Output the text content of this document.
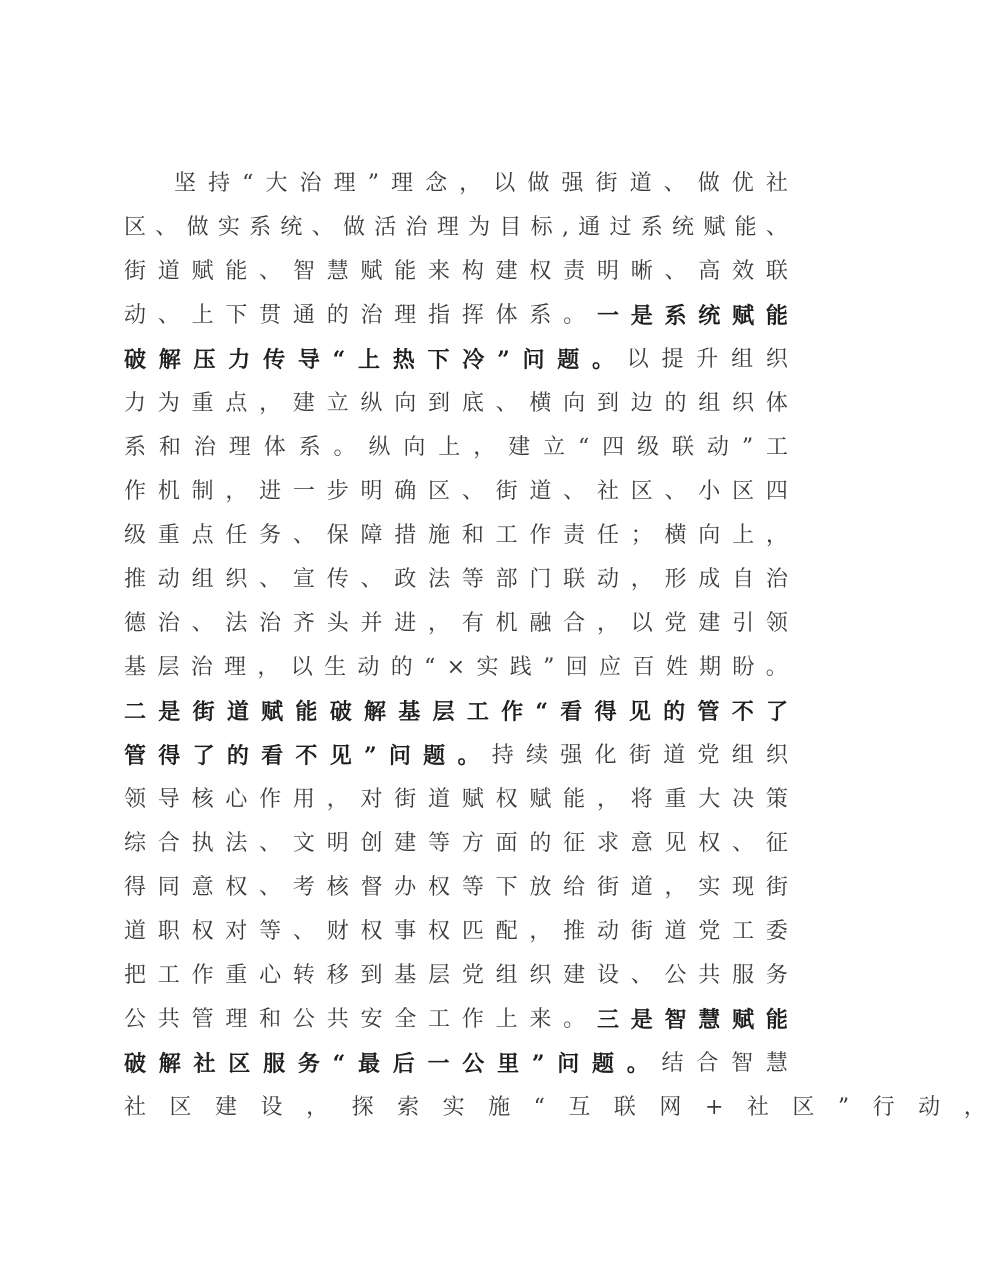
坚 持 “ 大 治 理 ” 理 念 ， 以 做 强 街 道 、 做 优 社
区 、 做 实 系 统 、 做 活 治 理 为 目 标 , 通 过 系 统 赋 能 、
街 道 赋 能 、 智 慧 赋 能 来 构 建 权 责 明 晰 、 高 效 联
动 、 上 下 贯 通 的 治 理 指 挥 体 系 。 一 是 系 统 赋 能
破 解 压 力 传 导 “ 上 热 下 冷 ” 问 题 。 以 提 升 组 织
力 为 重 点 ， 建 立 纵 向 到 底 、 横 向 到 边 的 组 织 体
系 和 治 理 体 系 。 纵 向 上 ， 建 立 “ 四 级 联 动 ” 工
作 机 制 ， 进 一 步 明 确 区 、 街 道 、 社 区 、 小 区 四
级 重 点 任 务 、 保 障 措 施 和 工 作 责 任 ； 横 向 上 ，
推 动 组 织 、 宣 传 、 政 法 等 部 门 联 动 ， 形 成 自 治
德 治 、 法 治 齐 头 并 进 ， 有 机 融 合 ， 以 党 建 引 领
基 层 治 理 ， 以 生 动 的 “ × 实 践 ” 回 应 百 姓 期 盼 。
二 是 街 道 赋 能 破 解 基 层 工 作 “ 看 得 见 的 管 不 了
管 得 了 的 看 不 见 ” 问 题 。 持 续 强 化 街 道 党 组 织
领 导 核 心 作 用 ， 对 街 道 赋 权 赋 能 ， 将 重 大 决 策
综 合 执 法 、 文 明 创 建 等 方 面 的 征 求 意 见 权 、 征
得 同 意 权 、 考 核 督 办 权 等 下 放 给 街 道 ， 实 现 街
道 职 权 对 等 、 财 权 事 权 匹 配 ， 推 动 街 道 党 工 委
把 工 作 重 心 转 移 到 基 层 党 组 织 建 设 、 公 共 服 务
公 共 管 理 和 公 共 安 全 工 作 上 来 。 三 是 智 慧 赋 能
破 解 社 区 服 务 “ 最 后 一 公 里 ” 问 题 。 结 合 智 慧
社 区 建 设 ， 探 索 实 施 “ 互 联 网 + 社 区 ” 行 动 ，
